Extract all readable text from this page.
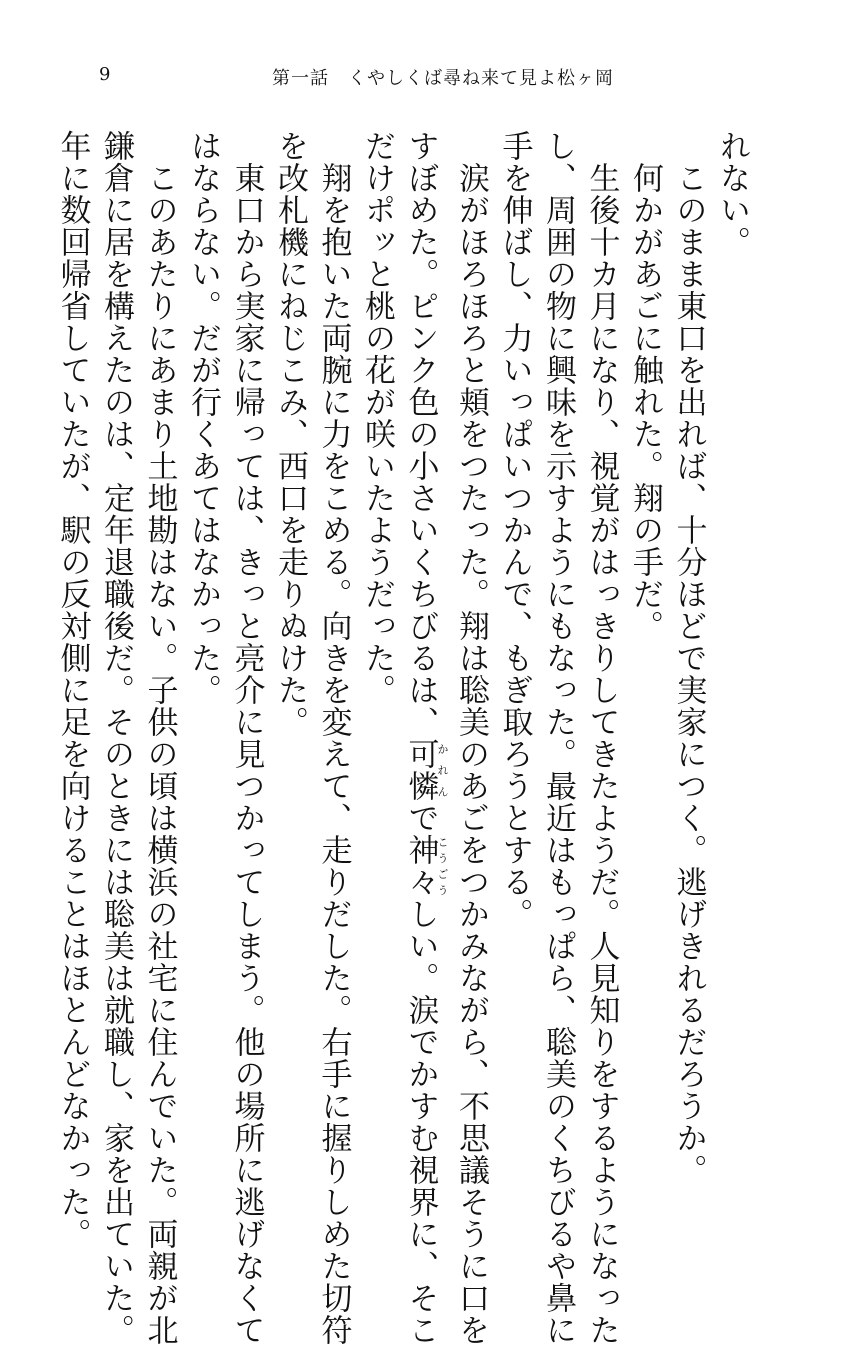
9	第一話　くやしくば尋ね来て見よ松ヶ岡
れない。
　このまま東口を出れば、十分ほどで実家につく。逃げきれるだろうか。
　何かがあごに触れた。翔の手だ。
　生後十カ月になり、視覚がはっきりしてきたようだ。人見知りをするようになった
し、周囲の物に興味を示すようにもなった。最近はもっぱら、聡美のくちびるや鼻に
手を伸ばし、力いっぱいつかんで、もぎ取ろうとする。
　涙がほろほろと頬をつたった。翔は聡美のあごをつかみながら、不思議そうに口を
すぼめた。ピンク色の小さいくちびるは、可憐かれんで神々こうごうしい。涙でかすむ視界に、そこ
だけポッと桃の花が咲いたようだった。
　翔を抱いた両腕に力をこめる。向きを変えて、走りだした。右手に握りしめた切符
を改札機にねじこみ、西口を走りぬけた。
　東口から実家に帰っては、きっと亮介に見つかってしまう。他の場所に逃げなくて
はならない。だが行くあてはなかった。
　このあたりにあまり土地勘はない。子供の頃は横浜の社宅に住んでいた。両親が北
鎌倉に居を構えたのは、定年退職後だ。そのときには聡美は就職し、家を出ていた。
年に数回帰省していたが、駅の反対側に足を向けることはほとんどなかった。
